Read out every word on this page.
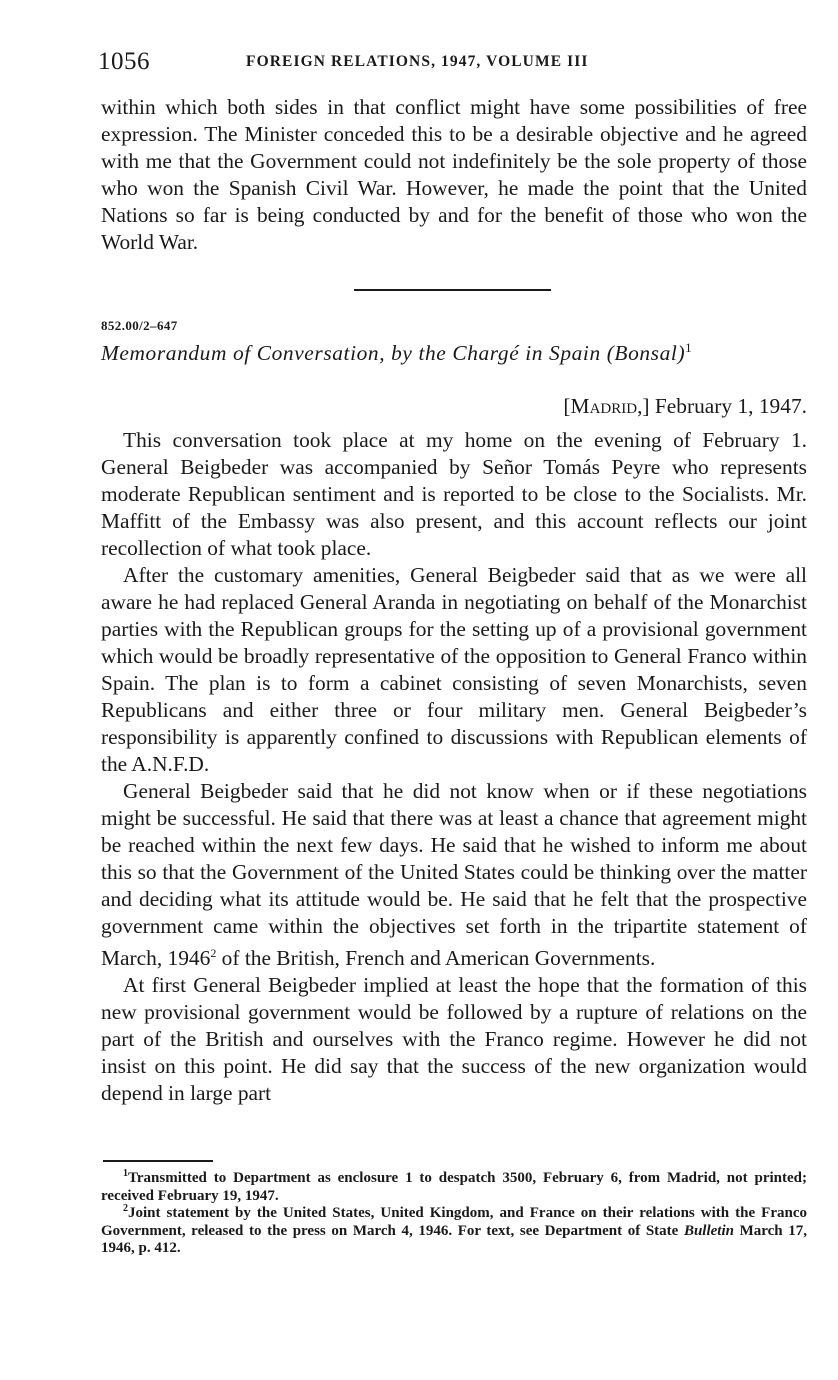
1056	FOREIGN RELATIONS, 1947, VOLUME III

within which both sides in that conflict might have some possibilities of free expression. The Minister conceded this to be a desirable objective and he agreed with me that the Government could not indefinitely be the sole property of those who won the Spanish Civil War. However, he made the point that the United Nations so far is being conducted by and for the benefit of those who won the World War.

852.00/2–647
Memorandum of Conversation, by the Chargé in Spain (Bonsal)$^1$
[Madrid,] February 1, 1947.

This conversation took place at my home on the evening of February 1. General Beigbeder was accompanied by Señor Tomás Peyre who represents moderate Republican sentiment and is reported to be close to the Socialists. Mr. Maffitt of the Embassy was also present, and this account reflects our joint recollection of what took place.

After the customary amenities, General Beigbeder said that as we were all aware he had replaced General Aranda in negotiating on behalf of the Monarchist parties with the Republican groups for the setting up of a provisional government which would be broadly representative of the opposition to General Franco within Spain. The plan is to form a cabinet consisting of seven Monarchists, seven Republicans and either three or four military men. General Beigbeder’s responsibility is apparently confined to discussions with Republican elements of the A.N.F.D.

General Beigbeder said that he did not know when or if these negotiations might be successful. He said that there was at least a chance that agreement might be reached within the next few days. He said that he wished to inform me about this so that the Government of the United States could be thinking over the matter and deciding what its attitude would be. He said that he felt that the prospective government came within the objectives set forth in the tripartite statement of March, 1946$^2$ of the British, French and American Governments.

At first General Beigbeder implied at least the hope that the formation of this new provisional government would be followed by a rupture of relations on the part of the British and ourselves with the Franco regime. However he did not insist on this point. He did say that the success of the new organization would depend in large part

$^1$Transmitted to Department as enclosure 1 to despatch 3500, February 6, from Madrid, not printed; received February 19, 1947.

$^2$Joint statement by the United States, United Kingdom, and France on their relations with the Franco Government, released to the press on March 4, 1946. For text, see Department of State Bulletin March 17, 1946, p. 412.
